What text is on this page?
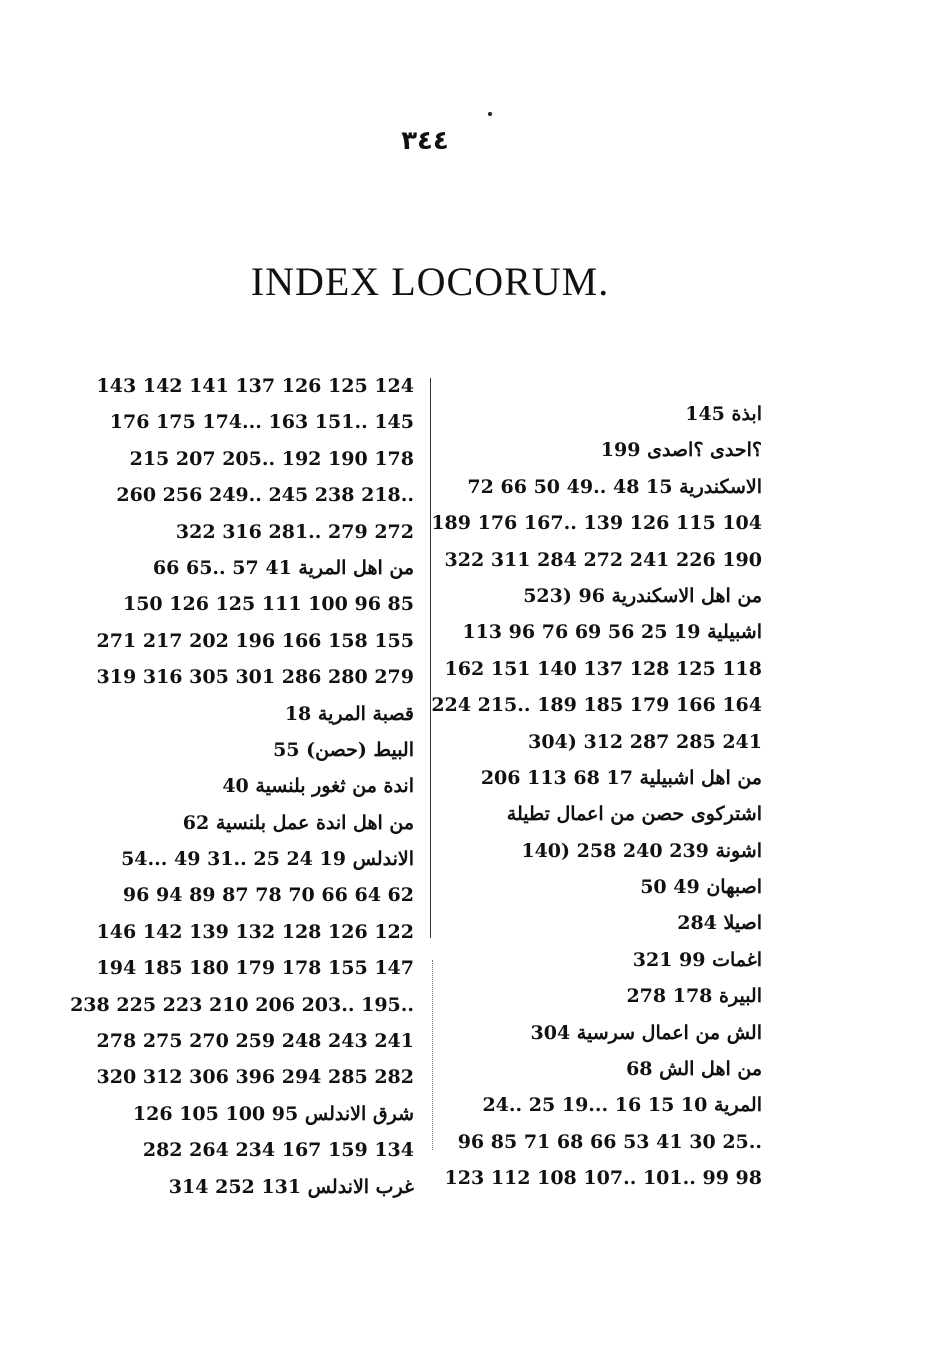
٣٤٤
INDEX LOCORUM.
ابذة 145
؟احدى ؟اصدى 199
الاسكندرية 15 48 ..49 50 66 72
104 115 126 139 ..167 176 189
190 226 241 272 284 311 322
من اهل الاسكندرية 96 (523
اشبيلية 19 25 56 69 76 96 113
118 125 128 137 140 151 162
164 166 179 185 189 ..215 224
241 285 287 312 (304
من اهل اشبيلية 17 68 113 206
اشتركوى حصن من اعمال تطيلة
اشونة 239 240 258 (140
اصبهان 49 50
اصيلا 284
اغمات 99 321
البيرة 178 278
الش من اعمال سرسية 304
من اهل الش 68
المرية 10 15 16 ...19 25 ..24
..25 30 41 53 66 68 71 85 96
98 99 ..101 ..107 108 112 123
124 125 126 137 141 142 143
145 ..151 163 ...174 175 176
178 190 192 ..205 207 215
..218 238 245 ..249 256 260
272 279 ..281 316 322
من اهل المرية 41 57 ..65 66
85 96 100 111 125 126 150
155 158 166 196 202 217 271
279 280 286 301 305 316 319
قصبة المرية 18
البيط (حصن) 55
اندة من ثغور بلنسية 40
من اهل اندة عمل بلنسية 62
الاندلس 19 24 25 ..31 49 ...54
62 64 66 70 78 87 89 94 96
122 126 128 132 139 142 146
147 155 178 179 180 185 194
..195 ..203 206 210 223 225 238
241 243 248 259 270 275 278
282 285 294 396 306 312 320
شرق الاندلس 95 100 105 126
134 159 167 234 264 282
غرب الاندلس 131 252 314
